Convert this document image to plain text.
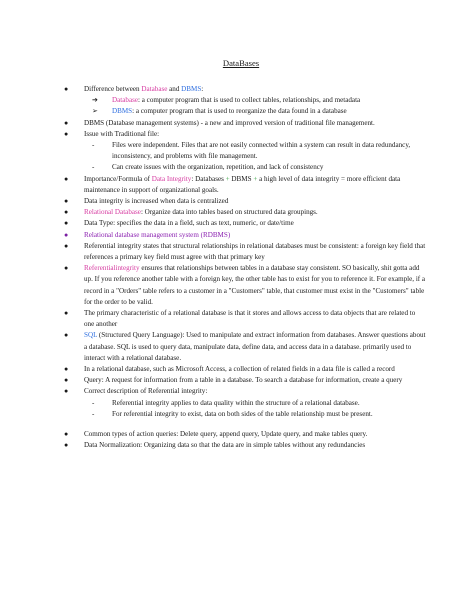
DataBases
● Difference between Database and DBMS:
➔ Database: a computer program that is used to collect tables, relationships, and metadata
➢ DBMS: a computer program that is used to reorganize the data found in a database
● DBMS (Database management systems) - a new and improved version of traditional file management.
● Issue with Traditional file:
- Files were independent. Files that are not easily connected within a system can result in data redundancy, inconsistency, and problems with file management.
- Can create issues with the organization, repetition, and lack of consistency
● Importance/Formula of Data Integrity: Databases + DBMS + a high level of data integrity = more efficient data maintenance in support of organizational goals.
● Data integrity is increased when data is centralized
● Relational Database: Organize data into tables based on structured data groupings.
● Data Type: specifies the data in a field, such as text, numeric, or date/time
● Relational database management system (RDBMS)
● Referential integrity states that structural relationships in relational databases must be consistent: a foreign key field that references a primary key field must agree with that primary key
● Referentialintegrity ensures that relationships between tables in a database stay consistent. SO basically, shit gotta add up. If you reference another table with a foreign key, the other table has to exist for you to reference it. For example, if a record in a "Orders" table refers to a customer in a "Customers" table, that customer must exist in the "Customers" table for the order to be valid.
● The primary characteristic of a relational database is that it stores and allows access to data objects that are related to one another
● SQL (Structured Query Language): Used to manipulate and extract information from databases. Answer questions about a database. SQL is used to query data, manipulate data, define data, and access data in a database. primarily used to interact with a relational database.
● In a relational database, such as Microsoft Access, a collection of related fields in a data file is called a record
● Query: A request for information from a table in a database. To search a database for information, create a query
● Correct description of Referential integrity:
- Referential integrity applies to data quality within the structure of a relational database.
- For referential integrity to exist, data on both sides of the table relationship must be present.
● Common types of action queries: Delete query, append query, Update query, and make tables query.
● Data Normalization: Organizing data so that the data are in simple tables without any redundancies
